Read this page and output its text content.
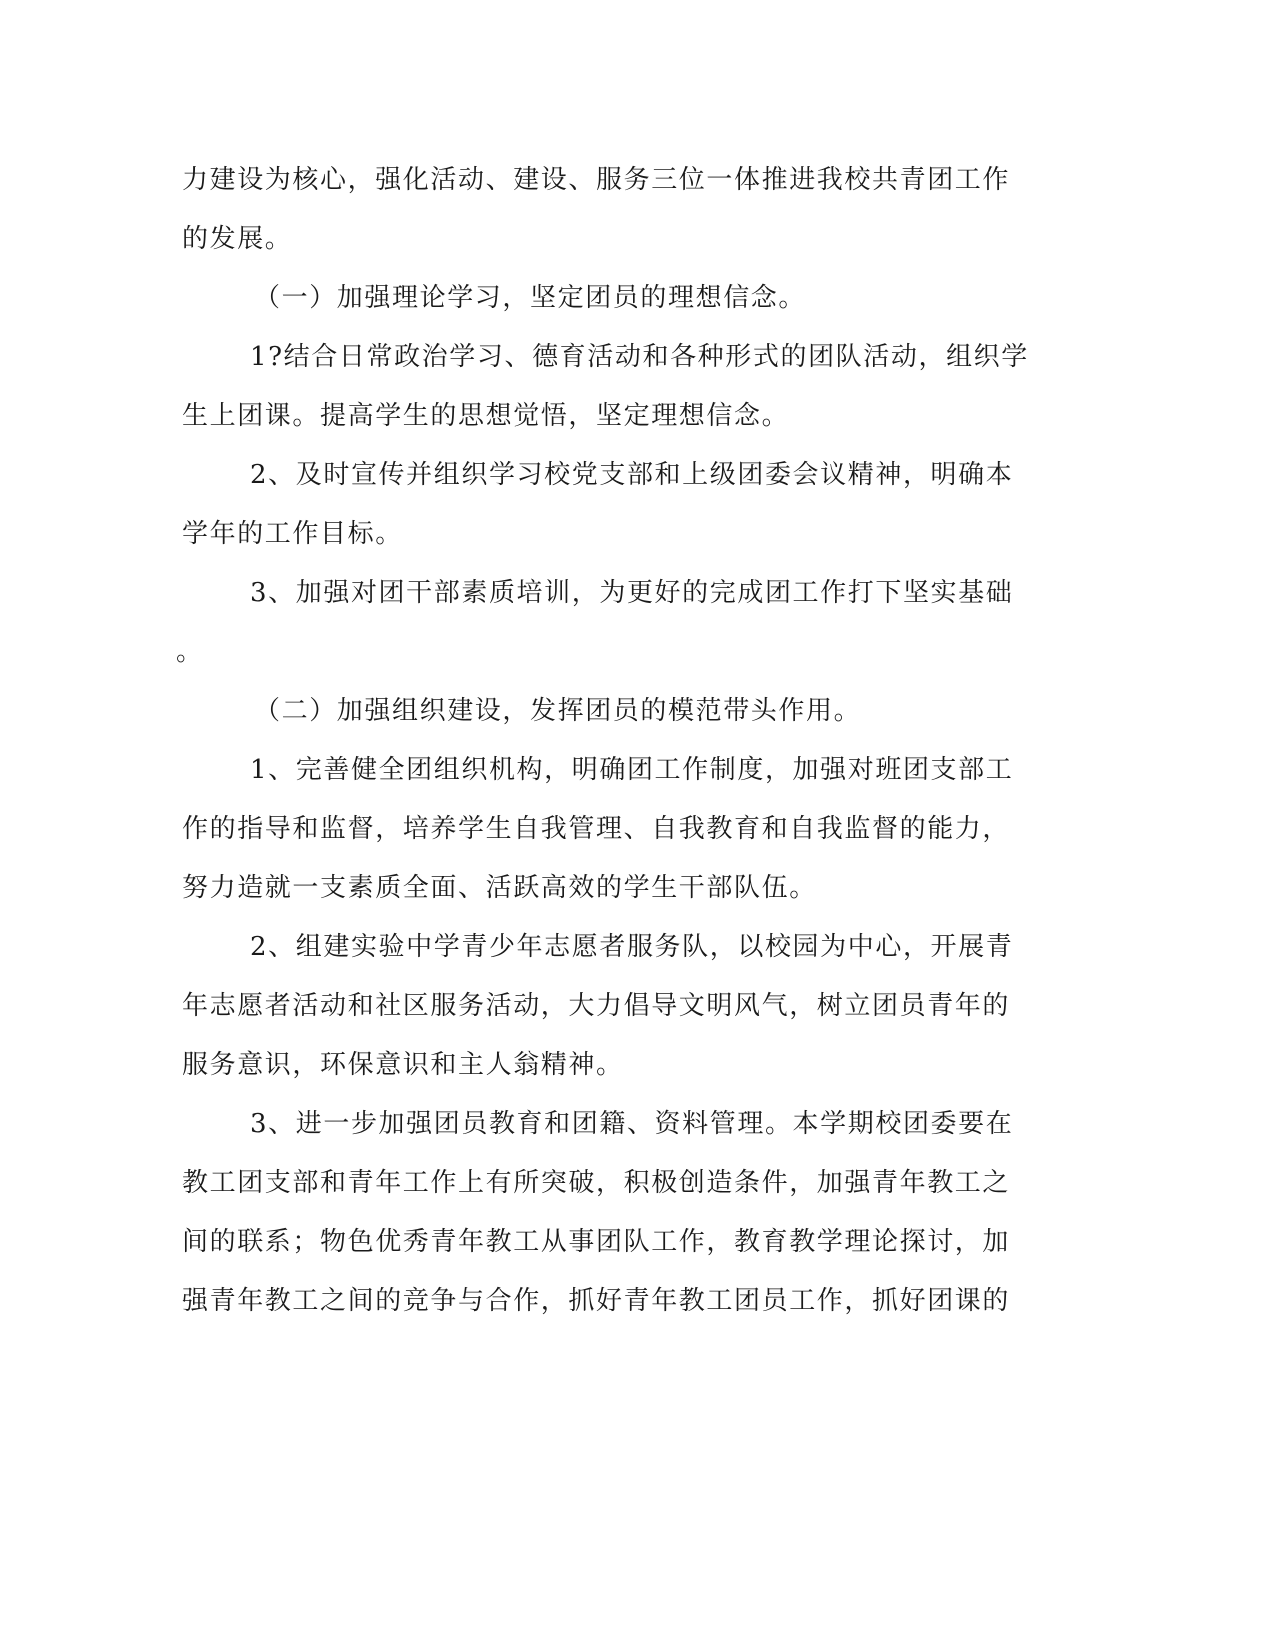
力建设为核心，强化活动、建设、服务三位一体推进我校共青团工作
的发展。
（一）加强理论学习，坚定团员的理想信念。
1?结合日常政治学习、德育活动和各种形式的团队活动，组织学
生上团课。提高学生的思想觉悟，坚定理想信念。
2、及时宣传并组织学习校党支部和上级团委会议精神，明确本
学年的工作目标。
3、加强对团干部素质培训，为更好的完成团工作打下坚实基础
。
（二）加强组织建设，发挥团员的模范带头作用。
1、完善健全团组织机构，明确团工作制度，加强对班团支部工
作的指导和监督，培养学生自我管理、自我教育和自我监督的能力，
努力造就一支素质全面、活跃高效的学生干部队伍。
2、组建实验中学青少年志愿者服务队，以校园为中心，开展青
年志愿者活动和社区服务活动，大力倡导文明风气，树立团员青年的
服务意识，环保意识和主人翁精神。
3、进一步加强团员教育和团籍、资料管理。本学期校团委要在
教工团支部和青年工作上有所突破，积极创造条件，加强青年教工之
间的联系；物色优秀青年教工从事团队工作，教育教学理论探讨，加
强青年教工之间的竞争与合作，抓好青年教工团员工作，抓好团课的
